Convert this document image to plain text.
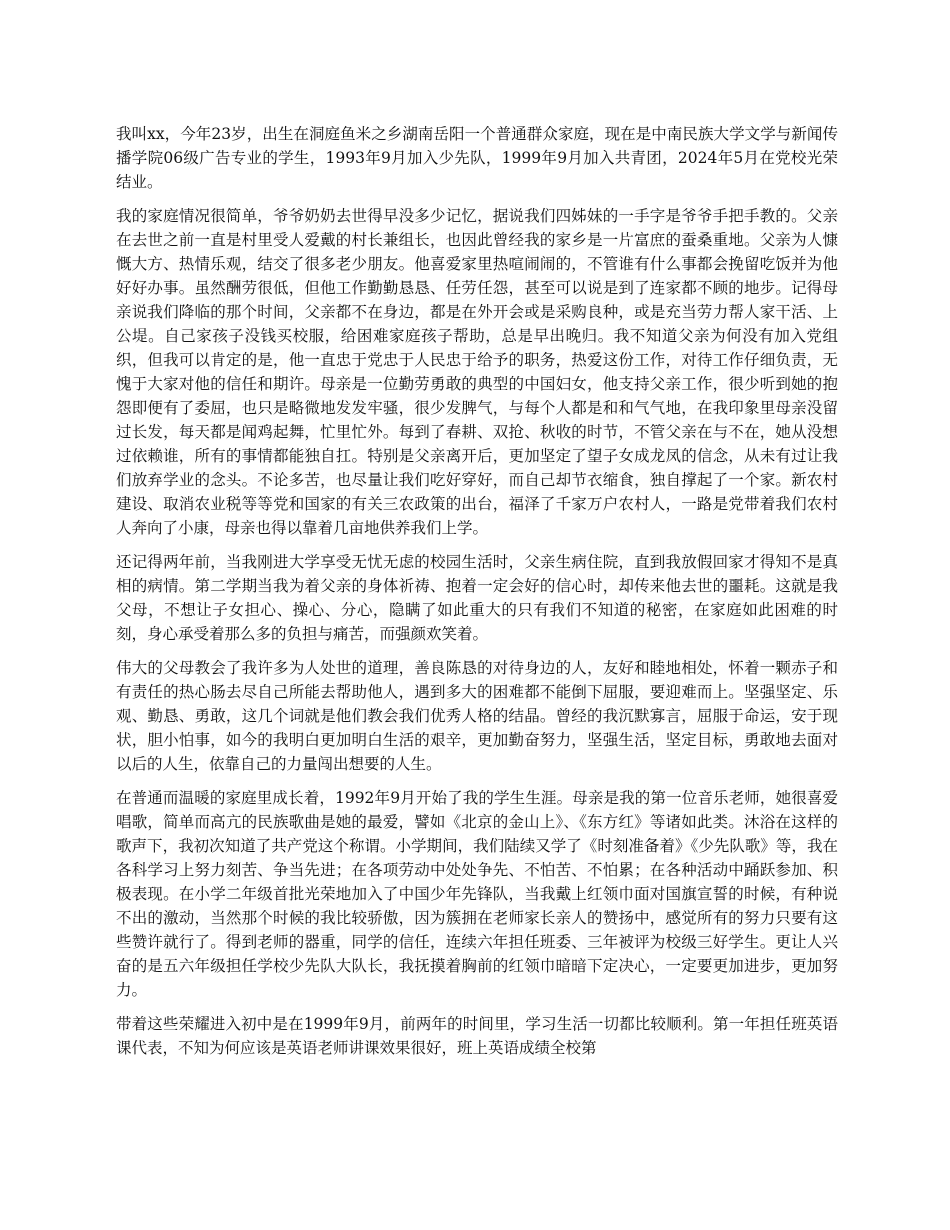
我叫xx，今年23岁，出生在洞庭鱼米之乡湖南岳阳一个普通群众家庭，现在是中南民族大学文学与新闻传播学院06级广告专业的学生，1993年9月加入少先队，1999年9月加入共青团，2024年5月在党校光荣结业。

我的家庭情况很简单，爷爷奶奶去世得早没多少记忆，据说我们四姊妹的一手字是爷爷手把手教的。父亲在去世之前一直是村里受人爱戴的村长兼组长，也因此曾经我的家乡是一片富庶的蚕桑重地。父亲为人慷慨大方、热情乐观，结交了很多老少朋友。他喜爱家里热喧闹闹的，不管谁有什么事都会挽留吃饭并为他好好办事。虽然酬劳很低，但他工作勤勤恳恳、任劳任怨，甚至可以说是到了连家都不顾的地步。记得母亲说我们降临的那个时间，父亲都不在身边，都是在外开会或是采购良种，或是充当劳力帮人家干活、上公堤。自己家孩子没钱买校服，给困难家庭孩子帮助，总是早出晚归。我不知道父亲为何没有加入党组织，但我可以肯定的是，他一直忠于党忠于人民忠于给予的职务，热爱这份工作，对待工作仔细负责，无愧于大家对他的信任和期许。母亲是一位勤劳勇敢的典型的中国妇女，他支持父亲工作，很少听到她的抱怨即便有了委屈，也只是略微地发发牢骚，很少发脾气，与每个人都是和和气气地，在我印象里母亲没留过长发，每天都是闻鸡起舞，忙里忙外。每到了春耕、双抢、秋收的时节，不管父亲在与不在，她从没想过依赖谁，所有的事情都能独自扛。特别是父亲离开后，更加坚定了望子女成龙凤的信念，从未有过让我们放弃学业的念头。不论多苦，也尽量让我们吃好穿好，而自己却节衣缩食，独自撑起了一个家。新农村建设、取消农业税等等党和国家的有关三农政策的出台，福泽了千家万户农村人，一路是党带着我们农村人奔向了小康，母亲也得以靠着几亩地供养我们上学。

还记得两年前，当我刚进大学享受无忧无虑的校园生活时，父亲生病住院，直到我放假回家才得知不是真相的病情。第二学期当我为着父亲的身体祈祷、抱着一定会好的信心时，却传来他去世的噩耗。这就是我父母，不想让子女担心、操心、分心，隐瞒了如此重大的只有我们不知道的秘密，在家庭如此困难的时刻，身心承受着那么多的负担与痛苦，而强颜欢笑着。

伟大的父母教会了我许多为人处世的道理，善良陈恳的对待身边的人，友好和睦地相处，怀着一颗赤子和有责任的热心肠去尽自己所能去帮助他人，遇到多大的困难都不能倒下屈服，要迎难而上。坚强坚定、乐观、勤恳、勇敢，这几个词就是他们教会我们优秀人格的结晶。曾经的我沉默寡言，屈服于命运，安于现状，胆小怕事，如今的我明白更加明白生活的艰辛，更加勤奋努力，坚强生活，坚定目标，勇敢地去面对以后的人生，依靠自己的力量闯出想要的人生。

在普通而温暖的家庭里成长着，1992年9月开始了我的学生生涯。母亲是我的第一位音乐老师，她很喜爱唱歌，简单而高亢的民族歌曲是她的最爱，譬如《北京的金山上》、《东方红》等诸如此类。沐浴在这样的歌声下，我初次知道了共产党这个称谓。小学期间，我们陆续又学了《时刻准备着》《少先队歌》等，我在各科学习上努力刻苦、争当先进；在各项劳动中处处争先、不怕苦、不怕累；在各种活动中踊跃参加、积极表现。在小学二年级首批光荣地加入了中国少年先锋队，当我戴上红领巾面对国旗宣誓的时候，有种说不出的激动，当然那个时候的我比较骄傲，因为簇拥在老师家长亲人的赞扬中，感觉所有的努力只要有这些赞许就行了。得到老师的器重，同学的信任，连续六年担任班委、三年被评为校级三好学生。更让人兴奋的是五六年级担任学校少先队大队长，我抚摸着胸前的红领巾暗暗下定决心，一定要更加进步，更加努力。

带着这些荣耀进入初中是在1999年9月，前两年的时间里，学习生活一切都比较顺利。第一年担任班英语课代表，不知为何应该是英语老师讲课效果很好，班上英语成绩全校第
